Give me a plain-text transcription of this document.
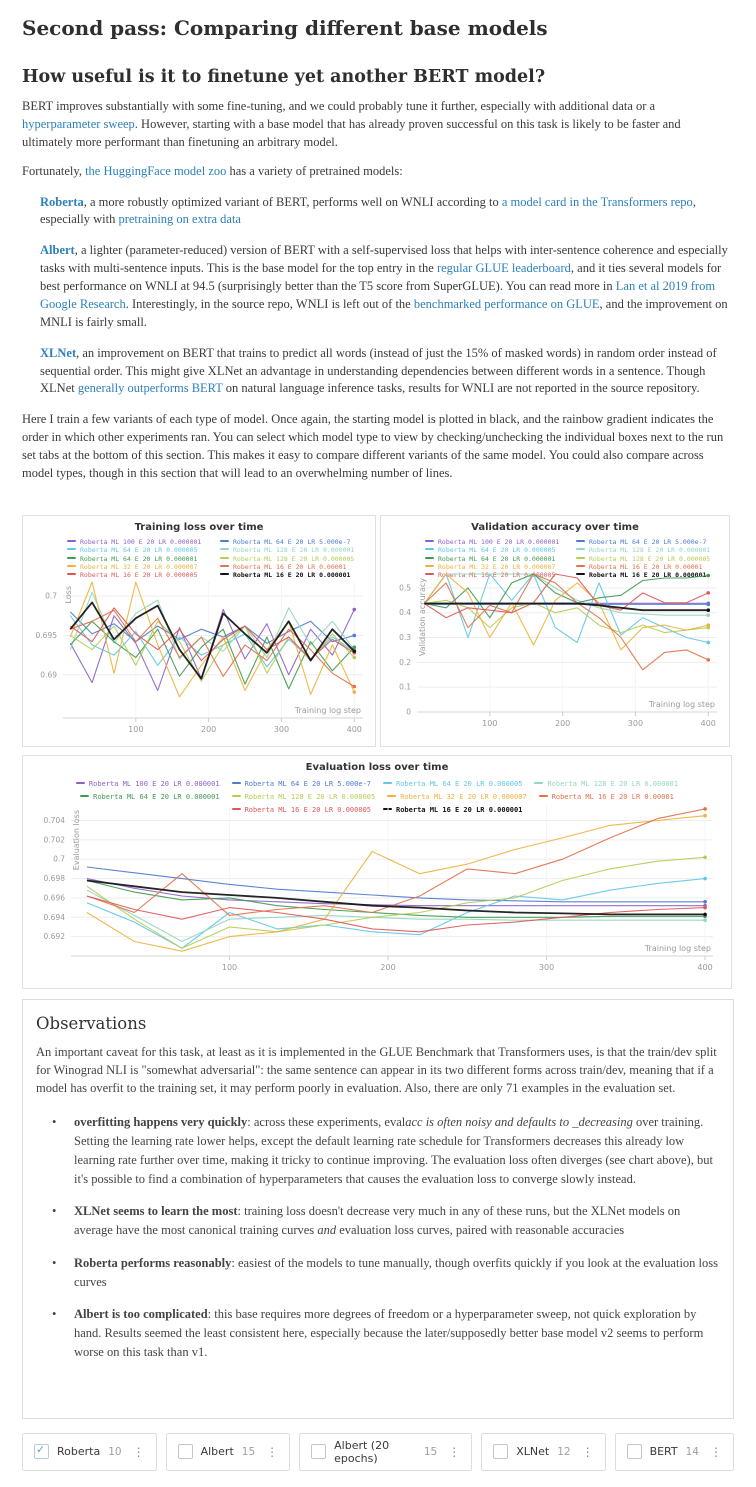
Second pass: Comparing different base models
How useful is it to finetune yet another BERT model?

BERT improves substantially with some fine-tuning, and we could probably tune it further, especially with additional data or a hyperparameter sweep. However, starting with a base model that has already proven successful on this task is likely to be faster and ultimately more performant than finetuning an arbitrary model.

Fortunately, the HuggingFace model zoo has a variety of pretrained models:

Roberta, a more robustly optimized variant of BERT, performs well on WNLI according to a model card in the Transformers repo, especially with pretraining on extra data

Albert, a lighter (parameter-reduced) version of BERT with a self-supervised loss that helps with inter-sentence coherence and especially tasks with multi-sentence inputs. This is the base model for the top entry in the regular GLUE leaderboard, and it ties several models for best performance on WNLI at 94.5 (surprisingly better than the T5 score from SuperGLUE). You can read more in Lan et al 2019 from Google Research. Interestingly, in the source repo, WNLI is left out of the benchmarked performance on GLUE, and the improvement on MNLI is fairly small.

XLNet, an improvement on BERT that trains to predict all words (instead of just the 15% of masked words) in random order instead of sequential order. This might give XLNet an advantage in understanding dependencies between different words in a sentence. Though XLNet generally outperforms BERT on natural language inference tasks, results for WNLI are not reported in the source repository.

Here I train a few variants of each type of model. Once again, the starting model is plotted in black, and the rainbow gradient indicates the order in which other experiments ran. You can select which model type to view by checking/unchecking the individual boxes next to the run set tabs at the bottom of this section. This makes it easy to compare different variants of the same model. You could also compare across model types, though in this section that will lead to an overwhelming number of lines.

Training loss over time
Roberta ML 100 E 20 LR 0.000001	Roberta ML 64 E 20 LR 5.000e-7
Roberta ML 64 E 20 LR 0.000005	Roberta ML 128 E 20 LR 0.000001
Roberta ML 64 E 20 LR 0.000001	Roberta ML 128 E 20 LR 0.000005
Roberta ML 32 E 20 LR 0.000007	Roberta ML 16 E 20 LR 0.00001
Roberta ML 16 E 20 LR 0.000005	Roberta ML 16 E 20 LR 0.000001
0.69
0.695
0.7
100	200	300	400
Training log step
Loss
Validation accuracy over time
Roberta ML 100 E 20 LR 0.000001	Roberta ML 64 E 20 LR 5.000e-7
Roberta ML 64 E 20 LR 0.000005	Roberta ML 128 E 20 LR 0.000001
Roberta ML 64 E 20 LR 0.000001	Roberta ML 128 E 20 LR 0.000005
Roberta ML 32 E 20 LR 0.000007	Roberta ML 16 E 20 LR 0.00001
Roberta ML 16 E 20 LR 0.000005	Roberta ML 16 E 20 LR 0.000001
0
0.1
0.2
0.3
0.4
0.5
100	200	300	400
Training log step
Validation accuracy
Evaluation loss over time
Roberta ML 100 E 20 LR 0.000001	Roberta ML 64 E 20 LR 5.000e-7	Roberta ML 64 E 20 LR 0.000005	Roberta ML 128 E 20 LR 0.000001
Roberta ML 64 E 20 LR 0.000001	Roberta ML 128 E 20 LR 0.000005	Roberta ML 32 E 20 LR 0.000007	Roberta ML 16 E 20 LR 0.00001
Roberta ML 16 E 20 LR 0.000005	Roberta ML 16 E 20 LR 0.000001
0.692
0.694
0.696
0.698
0.7
0.702
0.704
100	200	300	400
Training log step
Evaluation loss
Observations

An important caveat for this task, at least as it is implemented in the GLUE Benchmark that Transformers uses, is that the train/dev split for Winograd NLI is "somewhat adversarial": the same sentence can appear in its two different forms across train/dev, meaning that if a model has overfit to the training set, it may perform poorly in evaluation. Also, there are only 71 examples in the evaluation set.

• overfitting happens very quickly: across these experiments, evalacc is often noisy and defaults to _decreasing over training. Setting the learning rate lower helps, except the default learning rate schedule for Transformers decreases this already low learning rate further over time, making it tricky to continue improving. The evaluation loss often diverges (see chart above), but it's possible to find a combination of hyperparameters that causes the evaluation loss to converge slowly instead.
• XLNet seems to learn the most: training loss doesn't decrease very much in any of these runs, but the XLNet models on average have the most canonical training curves and evaluation loss curves, paired with reasonable accuracies
• Roberta performs reasonably: easiest of the models to tune manually, though overfits quickly if you look at the evaluation loss curves
• Albert is too complicated: this base requires more degrees of freedom or a hyperparameter sweep, not quick exploration by hand. Results seemed the least consistent here, especially because the later/supposedly better base model v2 seems to perform worse on this task than v1.
✓
Roberta 10 ⋮	Albert 15 ⋮	Albert (20 epochs)	15 ⋮	XLNet 12 ⋮	BERT 14 ⋮
